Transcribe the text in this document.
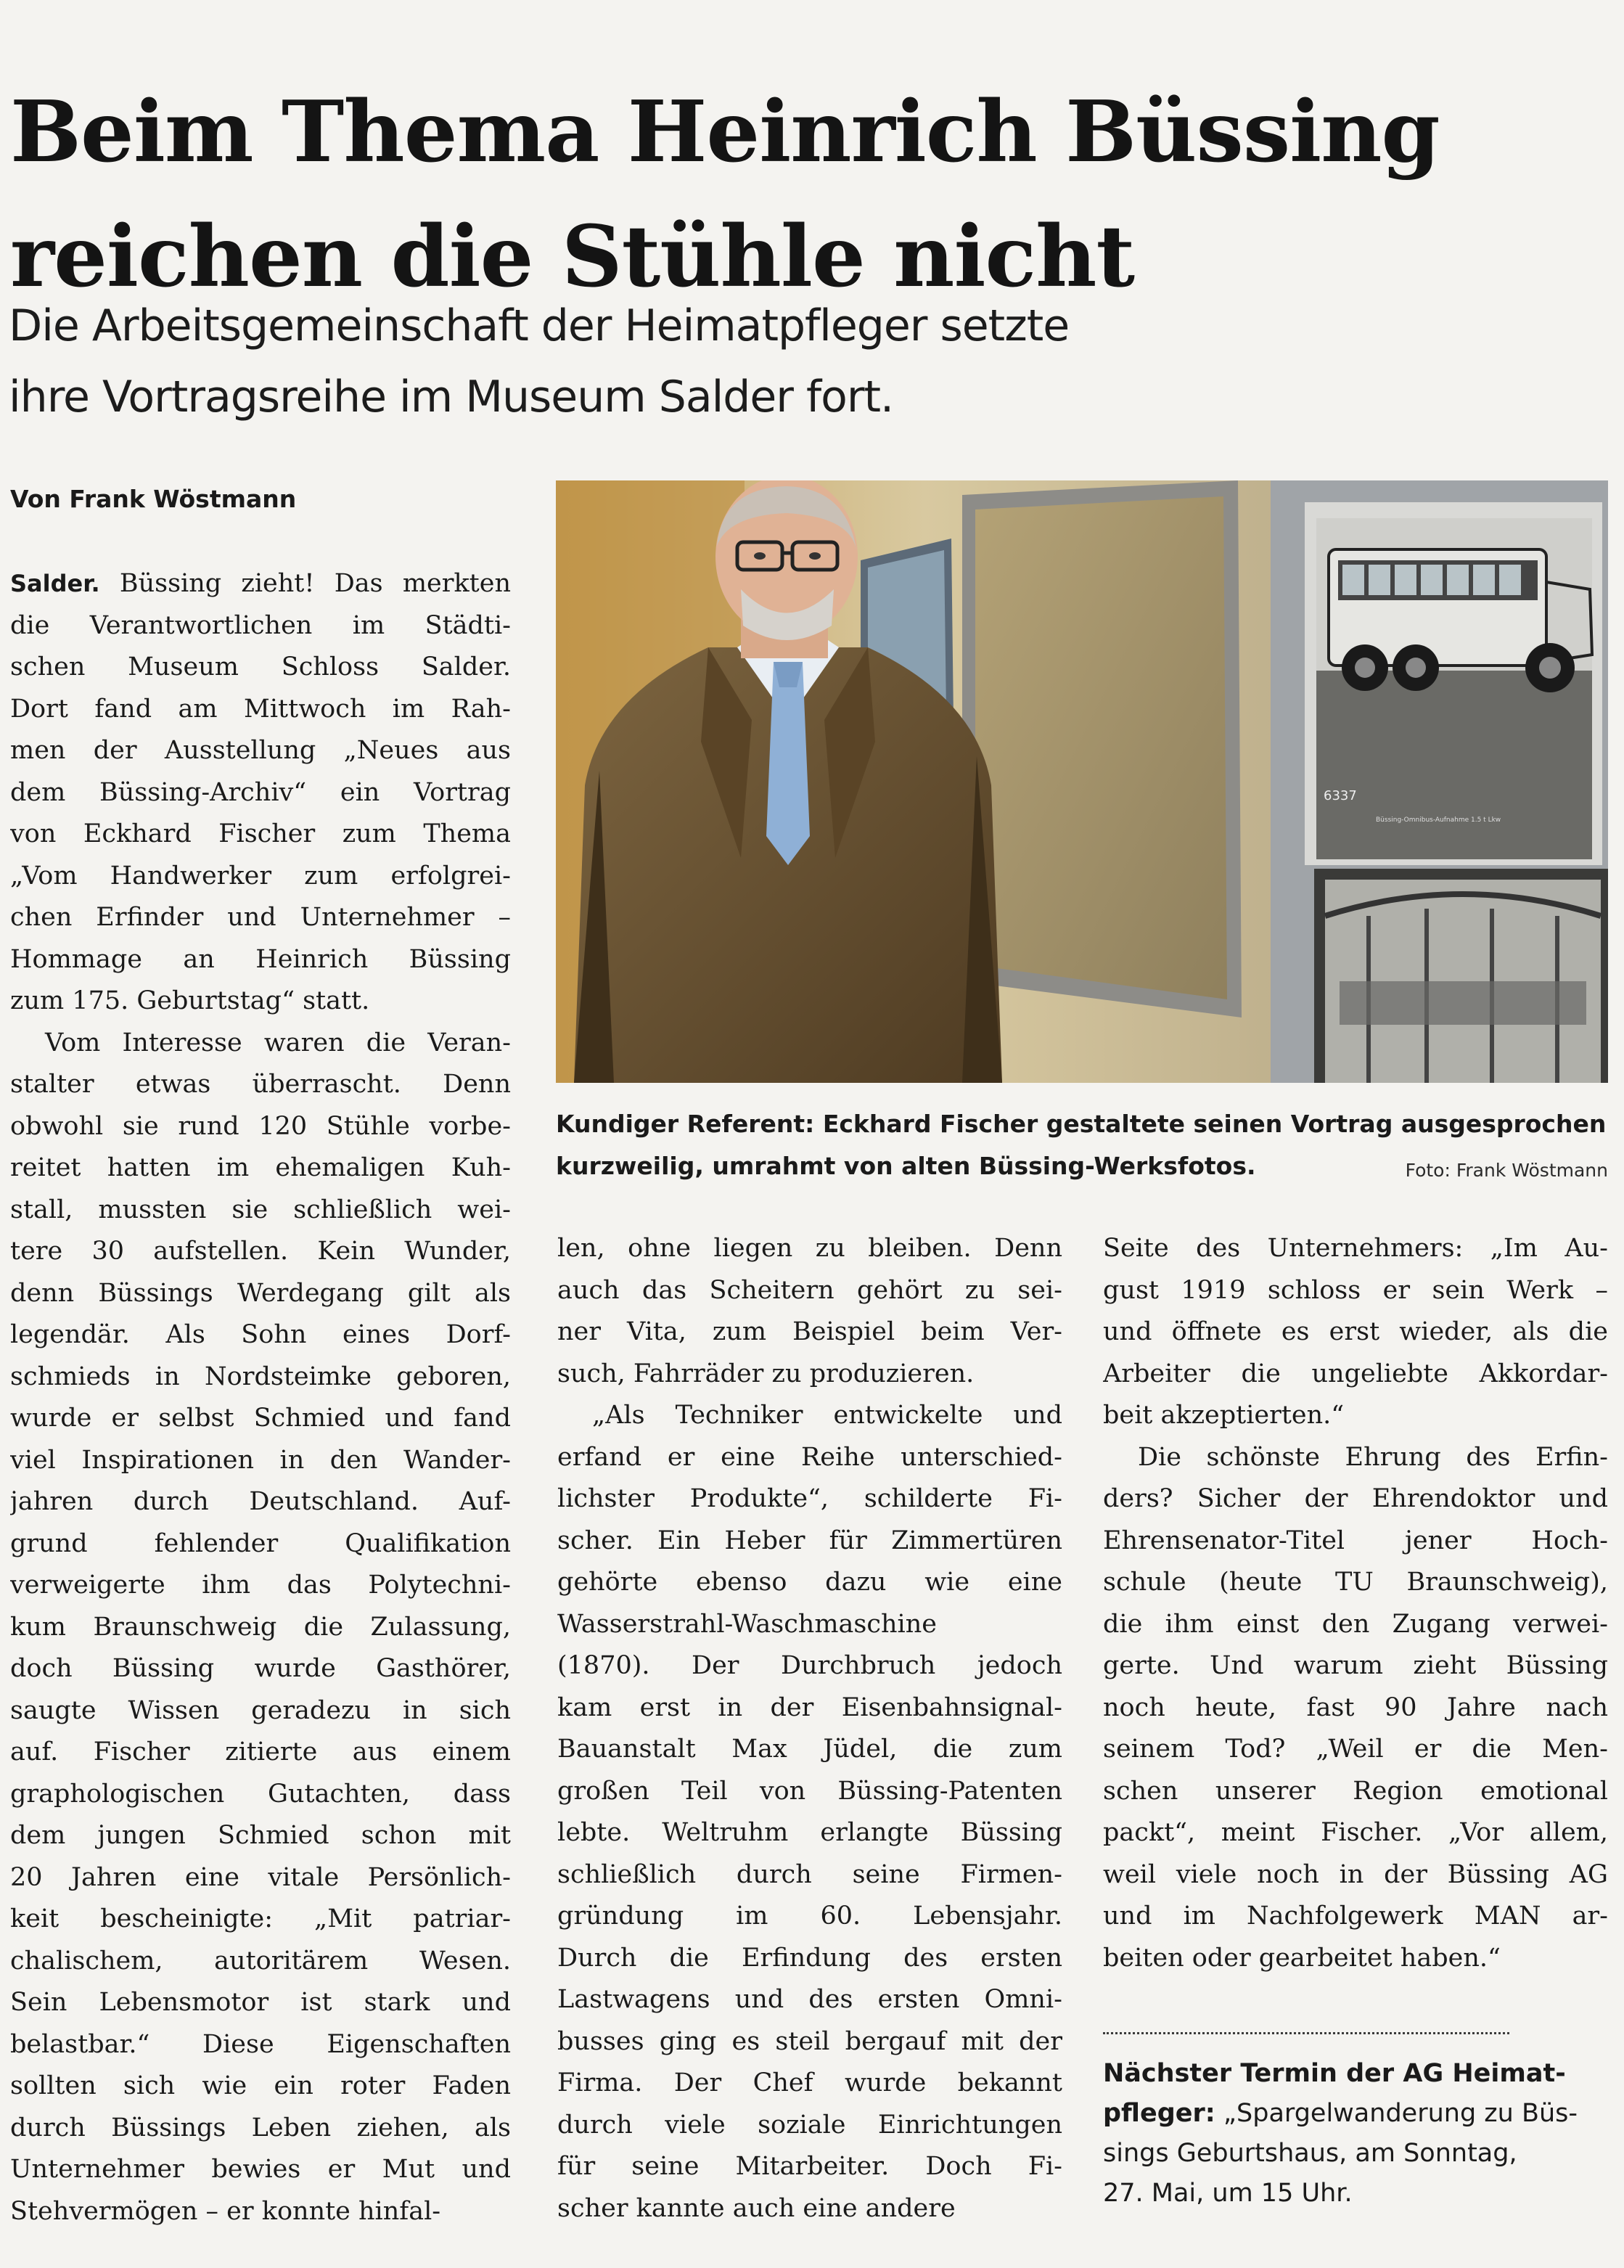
Beim Thema Heinrich Büssing
reichen die Stühle nicht
Die Arbeitsgemeinschaft der Heimatpfleger setzte
ihre Vortragsreihe im Museum Salder fort.
Von Frank Wöstmann
Salder. Büssing zieht! Das merkten
die Verantwortlichen im Städti-
schen Museum Schloss Salder.
Dort fand am Mittwoch im Rah-
men der Ausstellung „Neues aus
dem Büssing-Archiv“ ein Vortrag
von Eckhard Fischer zum Thema
„Vom Handwerker zum erfolgrei-
chen Erfinder und Unternehmer –
Hommage an Heinrich Büssing
zum 175. Geburtstag“ statt.
Vom Interesse waren die Veran-
stalter etwas überrascht. Denn
obwohl sie rund 120 Stühle vorbe-
reitet hatten im ehemaligen Kuh-
stall, mussten sie schließlich wei-
tere 30 aufstellen. Kein Wunder,
denn Büssings Werdegang gilt als
legendär. Als Sohn eines Dorf-
schmieds in Nordsteimke geboren,
wurde er selbst Schmied und fand
viel Inspirationen in den Wander-
jahren durch Deutschland. Auf-
grund fehlender Qualifikation
verweigerte ihm das Polytechni-
kum Braunschweig die Zulassung,
doch Büssing wurde Gasthörer,
saugte Wissen geradezu in sich
auf. Fischer zitierte aus einem
graphologischen Gutachten, dass
dem jungen Schmied schon mit
20 Jahren eine vitale Persönlich-
keit bescheinigte: „Mit patriar-
chalischem, autoritärem Wesen.
Sein Lebensmotor ist stark und
belastbar.“ Diese Eigenschaften
sollten sich wie ein roter Faden
durch Büssings Leben ziehen, als
Unternehmer bewies er Mut und
Stehvermögen – er konnte hinfal-
6337
Büssing-Omnibus-Aufnahme 1.5 t Lkw
Kundiger Referent: Eckhard Fischer gestaltete seinen Vortrag ausgesprochen
kurzweilig, umrahmt von alten Büssing-Werksfotos.	Foto: Frank Wöstmann
len, ohne liegen zu bleiben. Denn
auch das Scheitern gehört zu sei-
ner Vita, zum Beispiel beim Ver-
such, Fahrräder zu produzieren.
„Als Techniker entwickelte und
erfand er eine Reihe unterschied-
lichster Produkte“, schilderte Fi-
scher. Ein Heber für Zimmertüren
gehörte ebenso dazu wie eine
Wasserstrahl-Waschmaschine
(1870). Der Durchbruch jedoch
kam erst in der Eisenbahnsignal-
Bauanstalt Max Jüdel, die zum
großen Teil von Büssing-Patenten
lebte. Weltruhm erlangte Büssing
schließlich durch seine Firmen-
gründung im 60. Lebensjahr.
Durch die Erfindung des ersten
Lastwagens und des ersten Omni-
busses ging es steil bergauf mit der
Firma. Der Chef wurde bekannt
durch viele soziale Einrichtungen
für seine Mitarbeiter. Doch Fi-
scher kannte auch eine andere
Seite des Unternehmers: „Im Au-
gust 1919 schloss er sein Werk –
und öffnete es erst wieder, als die
Arbeiter die ungeliebte Akkordar-
beit akzeptierten.“
Die schönste Ehrung des Erfin-
ders? Sicher der Ehrendoktor und
Ehrensenator-Titel jener Hoch-
schule (heute TU Braunschweig),
die ihm einst den Zugang verwei-
gerte. Und warum zieht Büssing
noch heute, fast 90 Jahre nach
seinem Tod? „Weil er die Men-
schen unserer Region emotional
packt“, meint Fischer. „Vor allem,
weil viele noch in der Büssing AG
und im Nachfolgewerk MAN ar-
beiten oder gearbeitet haben.“
Nächster Termin der AG Heimat-
pfleger: „Spargelwanderung zu Büs-
sings Geburtshaus, am Sonntag,
27. Mai, um 15 Uhr.
